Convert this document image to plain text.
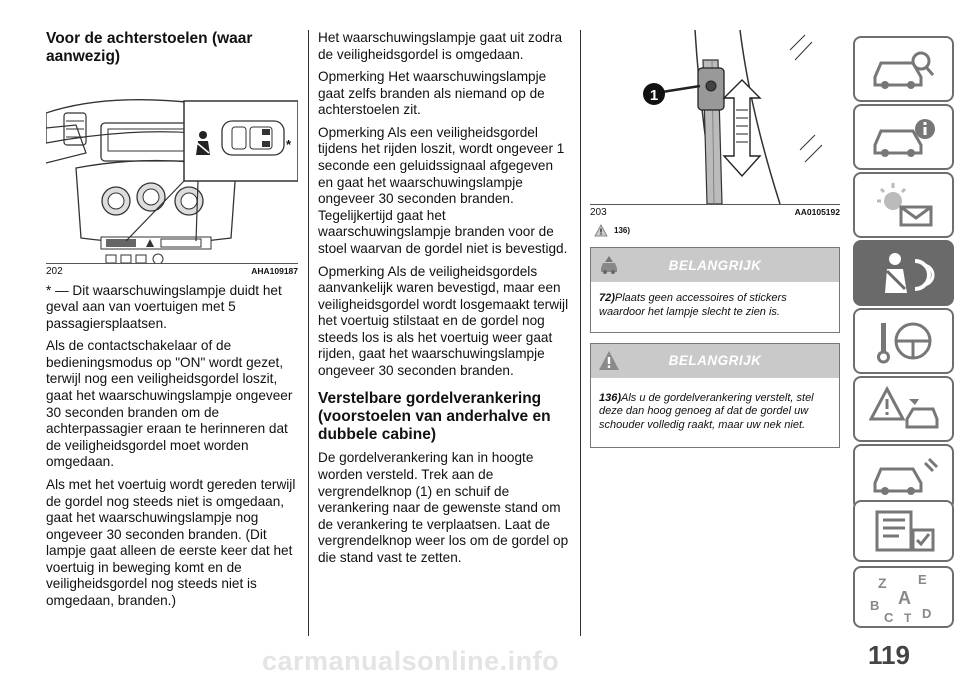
Voor de achterstoelen (waar aanwezig)
*
202	AHA109187

* — Dit waarschuwingslampje duidt het geval aan van voertuigen met 5 passagiersplaatsen.

Als de contactschakelaar of de bedieningsmodus op "ON" wordt gezet, terwijl nog een veiligheidsgordel loszit, gaat het waarschuwingslampje ongeveer 30 seconden branden om de achterpassagier eraan te herinneren dat de veiligheidsgordel moet worden omgedaan.

Als met het voertuig wordt gereden terwijl de gordel nog steeds niet is omgedaan, gaat het waarschuwingslampje nog ongeveer 30 seconden branden. (Dit lampje gaat alleen de eerste keer dat het voertuig in beweging komt en de veiligheidsgordel nog steeds niet is omgedaan, branden.)

Het waarschuwingslampje gaat uit zodra de veiligheidsgordel is omgedaan.

Opmerking Het waarschuwingslampje gaat zelfs branden als niemand op de achterstoelen zit.

Opmerking Als een veiligheidsgordel tijdens het rijden loszit, wordt ongeveer 1 seconde een geluidssignaal afgegeven en gaat het waarschuwingslampje ongeveer 30 seconden branden. Tegelijkertijd gaat het waarschuwingslampje branden voor de stoel waarvan de gordel niet is bevestigd.

Opmerking Als de veiligheidsgordels aanvankelijk waren bevestigd, maar een veiligheidsgordel wordt losgemaakt terwijl het voertuig stilstaat en de gordel nog steeds los is als het voertuig weer gaat rijden, gaat het waarschuwingslampje ongeveer 30 seconden branden.

Verstelbare gordelverankering (voorstoelen van anderhalve en dubbele cabine)

De gordelverankering kan in hoogte worden versteld. Trek aan de vergrendelknop (1) en schuif de verankering naar de gewenste stand om de verankering te verplaatsen. Laat de vergrendelknop weer los om de gordel op die stand vast te zetten.

1
203	AA0105192
136)
BELANGRIJK
72)Plaats geen accessoires of stickers waardoor het lampje slecht te zien is.
BELANGRIJK
136)Als u de gordelverankering verstelt, stel deze dan hoog genoeg af dat de gordel uw schouder volledig raakt, maar uw nek niet.
Z E
A
B
C T D
119
carmanualsonline.info
